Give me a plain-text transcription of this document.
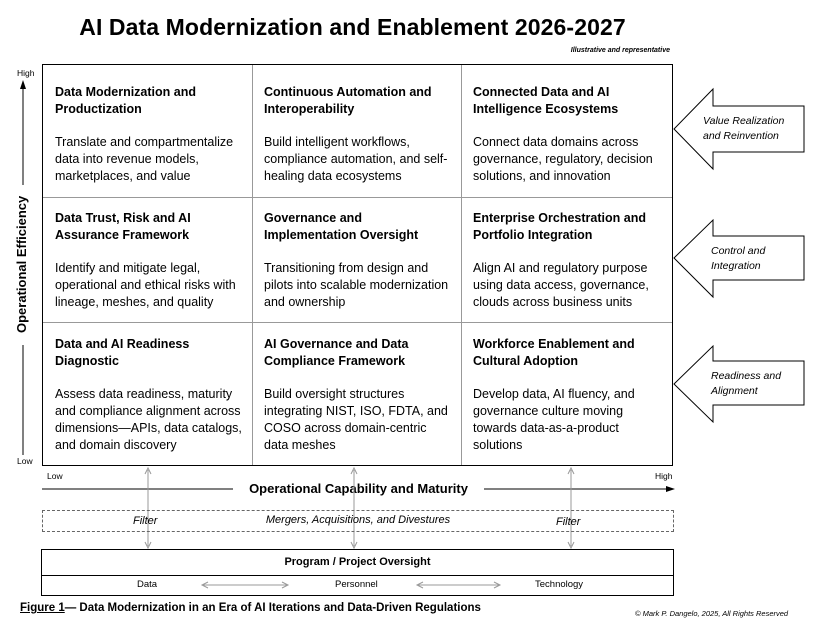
AI Data Modernization and Enablement 2026-2027
Illustrative and representative
High
Low
Operational Efficiency
Data Modernization and Productization
Translate and compartmentalize data into revenue models, marketplaces, and value
Continuous Automation and Interoperability
Build intelligent workflows, compliance automation, and self-healing data ecosystems
Connected Data and AI Intelligence Ecosystems
Connect data domains across governance, regulatory, decision solutions, and innovation
Data Trust, Risk and AI Assurance Framework
Identify and mitigate legal, operational and ethical risks with lineage, meshes, and quality
Governance and Implementation Oversight
Transitioning from design and pilots into scalable modernization and ownership
Enterprise Orchestration and Portfolio Integration
Align AI and regulatory purpose using data access, governance, clouds across business units
Data and AI Readiness Diagnostic
Assess data readiness, maturity and compliance alignment across dimensions—APIs, data catalogs, and domain discovery
AI Governance and Data Compliance Framework
Build oversight structures integrating NIST, ISO, FDTA, and COSO across domain-centric data meshes
Workforce Enablement and Cultural Adoption
Develop data, AI fluency, and governance culture moving towards data-as-a-product solutions
Value Realization
and Reinvention
Control and
Integration
Readiness and
Alignment
Low	High
Operational Capability and Maturity
Filter	Mergers, Acquisitions, and Divestures	Filter
Program / Project Oversight
Data	Personnel	Technology
Figure 1— Data Modernization in an Era of AI Iterations and Data-Driven Regulations	© Mark P. Dangelo, 2025, All Rights Reserved
